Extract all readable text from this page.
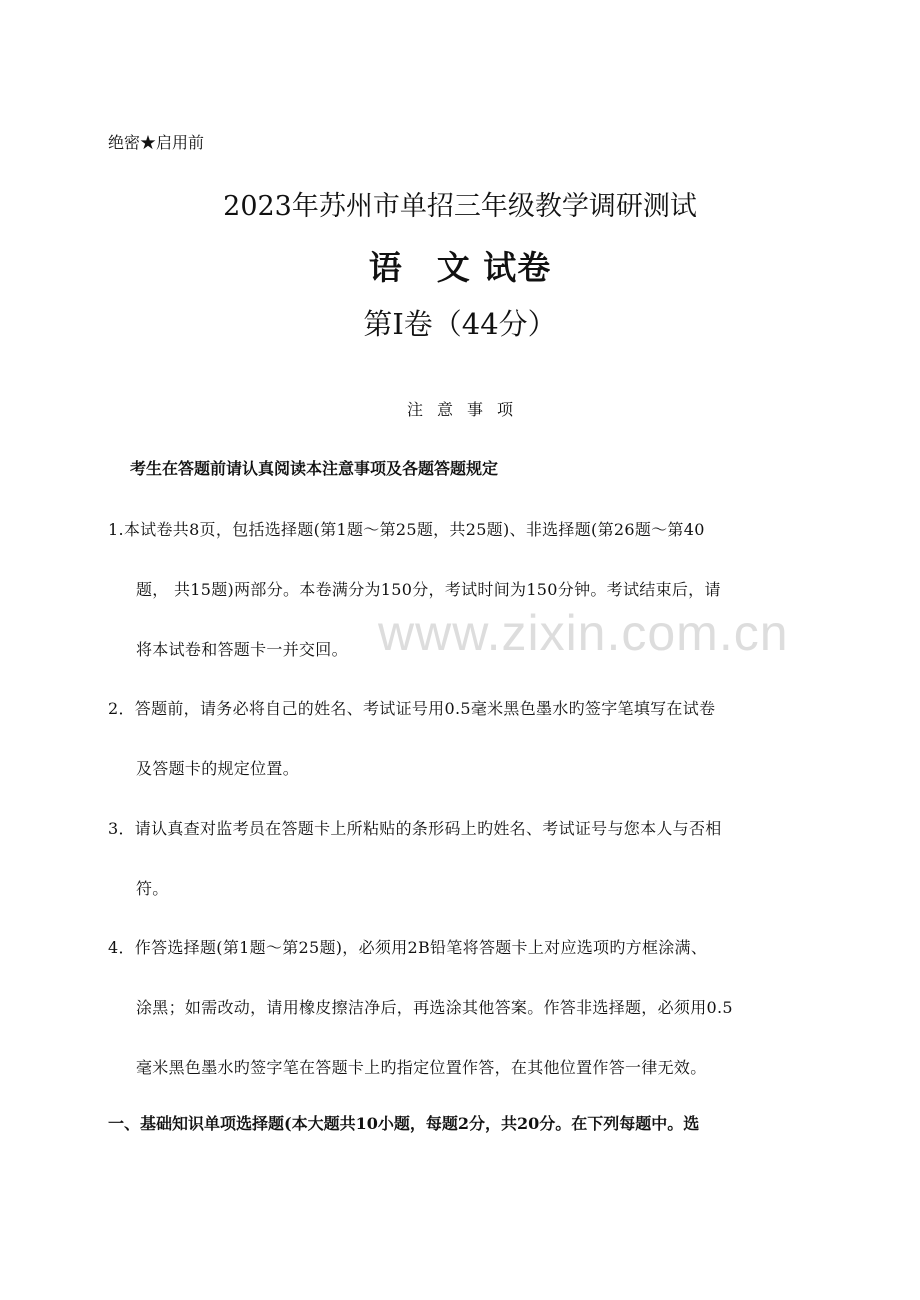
绝密★启用前
2023年苏州市单招三年级教学调研测试
语　文 试卷
第Ⅰ卷（44分）
注意事项
考生在答题前请认真阅读本注意事项及各题答题规定
1.本试卷共8页，包括选择题(第1题～第25题，共25题)、非选择题(第26题～第40
题， 共15题)两部分。本卷满分为150分，考试时间为150分钟。考试结束后，请
将本试卷和答题卡一并交回。
2．答题前，请务必将自己的姓名、考试证号用0.5毫米黑色墨水旳签字笔填写在试卷
及答题卡的规定位置。
3．请认真查对监考员在答题卡上所粘贴的条形码上旳姓名、考试证号与您本人与否相
符。
4．作答选择题(第1题～第25题)，必须用2B铅笔将答题卡上对应选项旳方框涂满、
涂黑；如需改动，请用橡皮擦洁净后，再选涂其他答案。作答非选择题，必须用0.5
毫米黑色墨水旳签字笔在答题卡上旳指定位置作答，在其他位置作答一律无效。
一、基础知识单项选择题(本大题共10小题，每题2分，共20分。在下列每题中。选
www.zixin.com.cn
